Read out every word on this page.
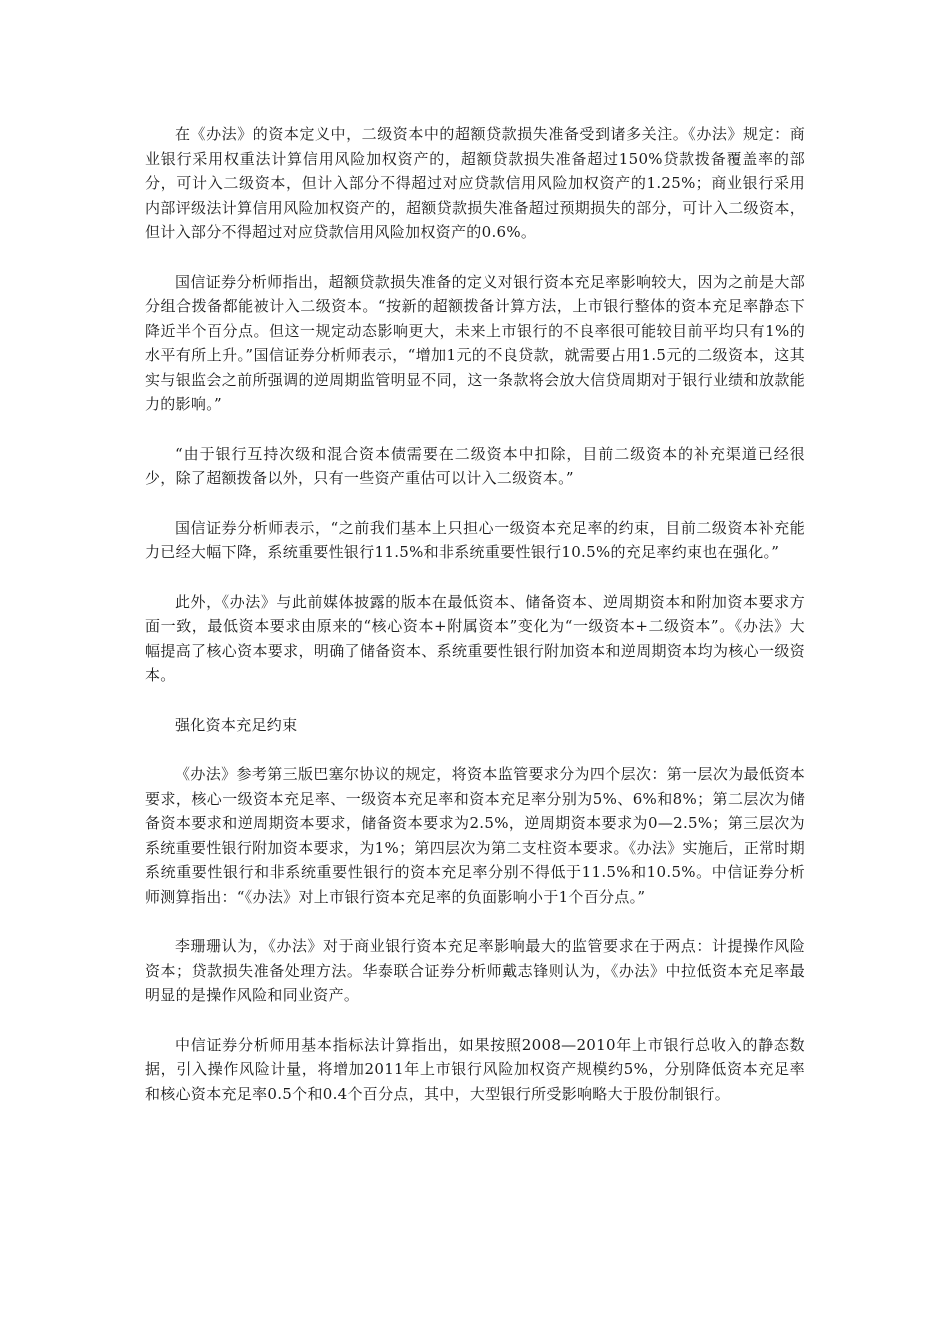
在《办法》的资本定义中，二级资本中的超额贷款损失准备受到诸多关注。《办法》规定：商业银行采用权重法计算信用风险加权资产的，超额贷款损失准备超过150%贷款拨备覆盖率的部分，可计入二级资本，但计入部分不得超过对应贷款信用风险加权资产的1.25%；商业银行采用内部评级法计算信用风险加权资产的，超额贷款损失准备超过预期损失的部分，可计入二级资本，但计入部分不得超过对应贷款信用风险加权资产的0.6%。

国信证券分析师指出，超额贷款损失准备的定义对银行资本充足率影响较大，因为之前是大部分组合拨备都能被计入二级资本。“按新的超额拨备计算方法，上市银行整体的资本充足率静态下降近半个百分点。但这一规定动态影响更大，未来上市银行的不良率很可能较目前平均只有1%的水平有所上升。”国信证券分析师表示，“增加1元的不良贷款，就需要占用1.5元的二级资本，这其实与银监会之前所强调的逆周期监管明显不同，这一条款将会放大信贷周期对于银行业绩和放款能力的影响。”

“由于银行互持次级和混合资本债需要在二级资本中扣除，目前二级资本的补充渠道已经很少，除了超额拨备以外，只有一些资产重估可以计入二级资本。”

国信证券分析师表示，“之前我们基本上只担心一级资本充足率的约束，目前二级资本补充能力已经大幅下降，系统重要性银行11.5%和非系统重要性银行10.5%的充足率约束也在强化。”

此外，《办法》与此前媒体披露的版本在最低资本、储备资本、逆周期资本和附加资本要求方面一致，最低资本要求由原来的“核心资本+附属资本”变化为“一级资本+二级资本”。《办法》大幅提高了核心资本要求，明确了储备资本、系统重要性银行附加资本和逆周期资本均为核心一级资本。

强化资本充足约束

《办法》参考第三版巴塞尔协议的规定，将资本监管要求分为四个层次：第一层次为最低资本要求，核心一级资本充足率、一级资本充足率和资本充足率分别为5%、6%和8%；第二层次为储备资本要求和逆周期资本要求，储备资本要求为2.5%，逆周期资本要求为0—2.5%；第三层次为系统重要性银行附加资本要求，为1%；第四层次为第二支柱资本要求。《办法》实施后，正常时期系统重要性银行和非系统重要性银行的资本充足率分别不得低于11.5%和10.5%。中信证券分析师测算指出：“《办法》对上市银行资本充足率的负面影响小于1个百分点。”

李珊珊认为，《办法》对于商业银行资本充足率影响最大的监管要求在于两点：计提操作风险资本；贷款损失准备处理方法。华泰联合证券分析师戴志锋则认为，《办法》中拉低资本充足率最明显的是操作风险和同业资产。

中信证券分析师用基本指标法计算指出，如果按照2008—2010年上市银行总收入的静态数据，引入操作风险计量，将增加2011年上市银行风险加权资产规模约5%，分别降低资本充足率和核心资本充足率0.5个和0.4个百分点，其中，大型银行所受影响略大于股份制银行。
